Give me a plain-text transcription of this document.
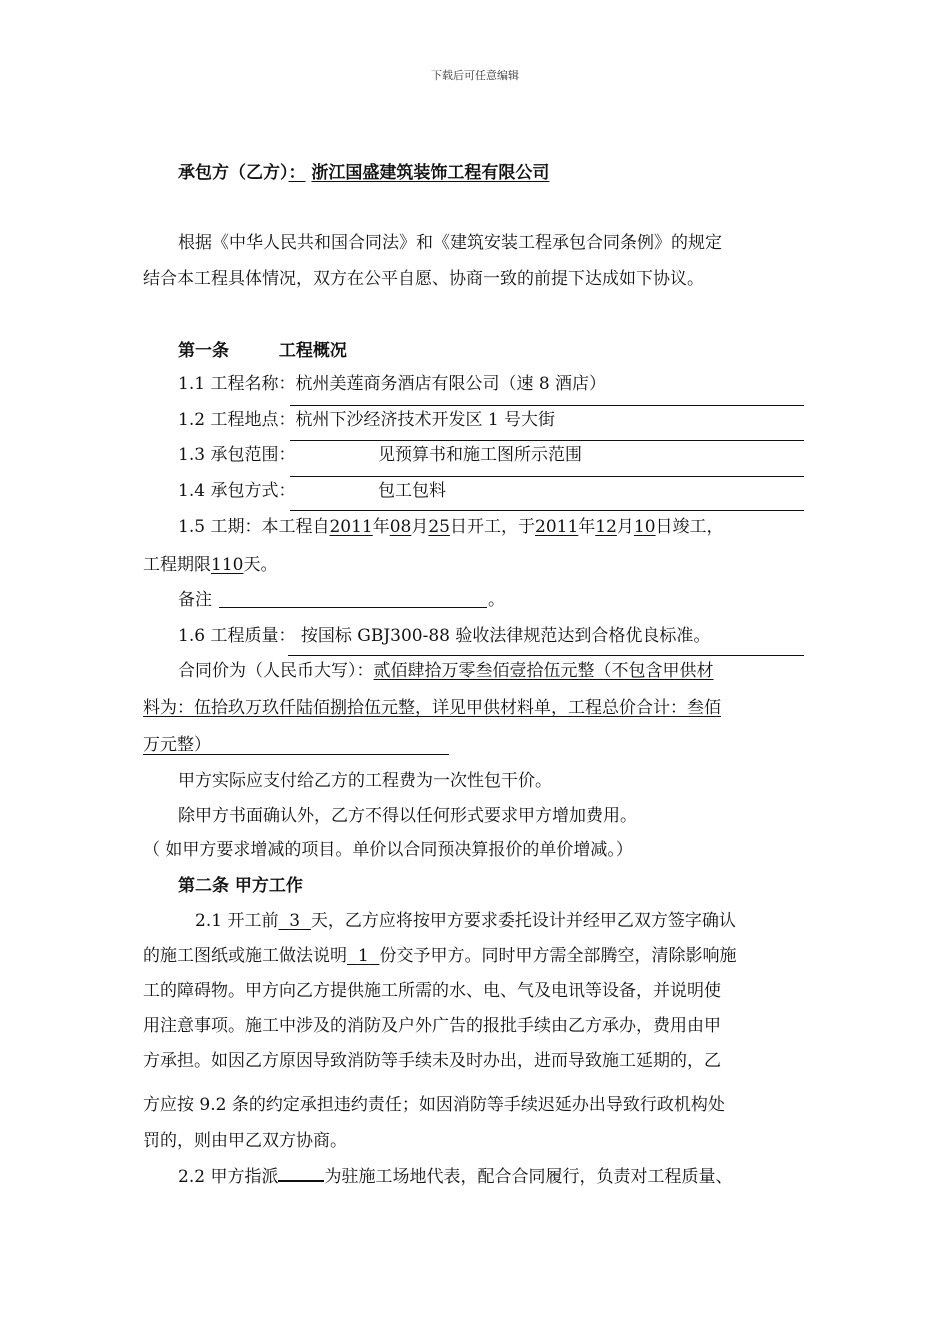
下载后可任意编辑
承包方（乙方）： 浙江国盛建筑装饰工程有限公司
根据《中华人民共和国合同法》和《建筑安装工程承包合同条例》的规定
结合本工程具体情况，双方在公平自愿、协商一致的前提下达成如下协议。
第一条	工程概况
1.1 工程名称：杭州美莲商务酒店有限公司（速 8 酒店）
1.2 工程地点：杭州下沙经济技术开发区 1 号大街
1.3 承包范围：	见预算书和施工图所示范围
1.4 承包方式：	包工包料
1.5 工期：本工程自2011年08月25日开工，于2011年12月10日竣工，
工程期限110天。
备注	。
1.6 工程质量： 按国标 GBJ300-88 验收法律规范达到合格优良标准。
合同价为（人民币大写）：贰佰肆拾万零叁佰壹拾伍元整（不包含甲供材
料为：伍拾玖万玖仟陆佰捌拾伍元整，详见甲供材料单，工程总价合计：叁佰
万元整）
甲方实际应支付给乙方的工程费为一次性包干价。
除甲方书面确认外，乙方不得以任何形式要求甲方增加费用。
（ 如甲方要求增减的项目。单价以合同预决算报价的单价增减。）
第二条 甲方工作
2.1 开工前 3 天，乙方应将按甲方要求委托设计并经甲乙双方签字确认
的施工图纸或施工做法说明 1 份交予甲方。同时甲方需全部腾空，清除影响施
工的障碍物。甲方向乙方提供施工所需的水、电、气及电讯等设备，并说明使
用注意事项。施工中涉及的消防及户外广告的报批手续由乙方承办，费用由甲
方承担。如因乙方原因导致消防等手续未及时办出，进而导致施工延期的，乙
方应按 9.2 条的约定承担违约责任；如因消防等手续迟延办出导致行政机构处
罚的，则由甲乙双方协商。
2.2 甲方指派	为驻施工场地代表，配合合同履行，负责对工程质量、
